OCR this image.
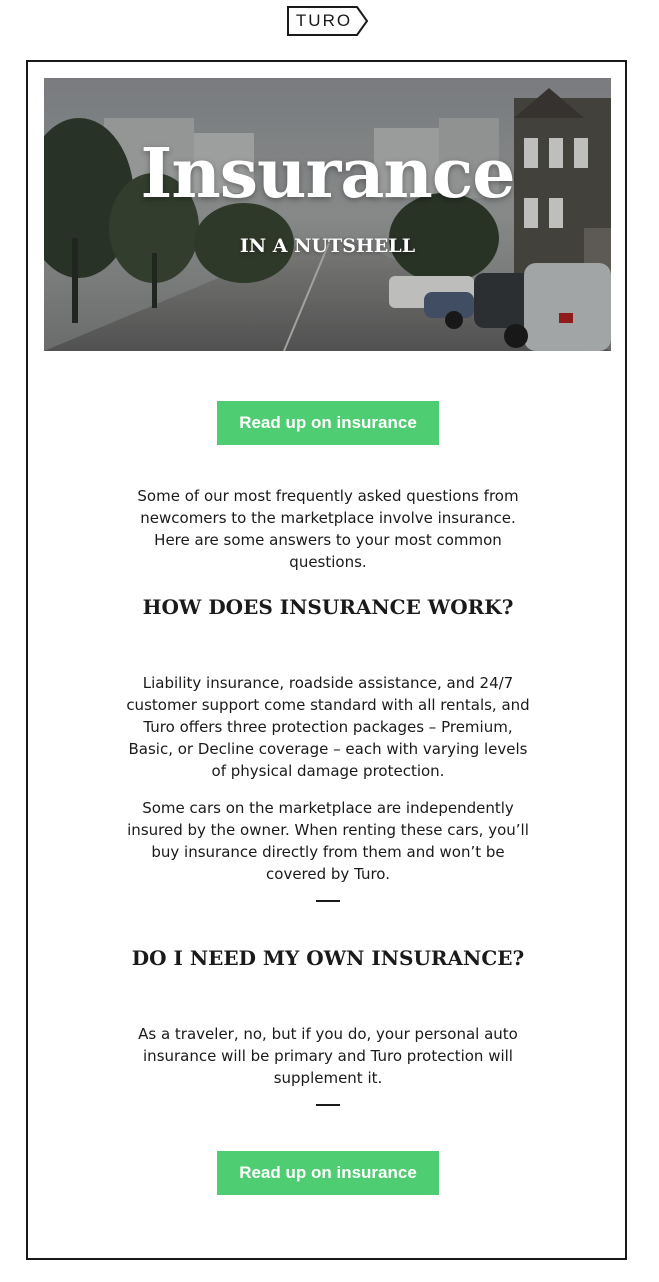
TURO
Insurance
IN A NUTSHELL
Read up on insurance

Some of our most frequently asked questions from newcomers to the marketplace involve insurance. Here are some answers to your most common questions.

HOW DOES INSURANCE WORK?

Liability insurance, roadside assistance, and 24/7 customer support come standard with all rentals, and Turo offers three protection packages – Premium, Basic, or Decline coverage – each with varying levels of physical damage protection.

Some cars on the marketplace are independently insured by the owner. When renting these cars, you’ll buy insurance directly from them and won’t be covered by Turo.

DO I NEED MY OWN INSURANCE?

As a traveler, no, but if you do, your personal auto insurance will be primary and Turo protection will supplement it.

Read up on insurance
